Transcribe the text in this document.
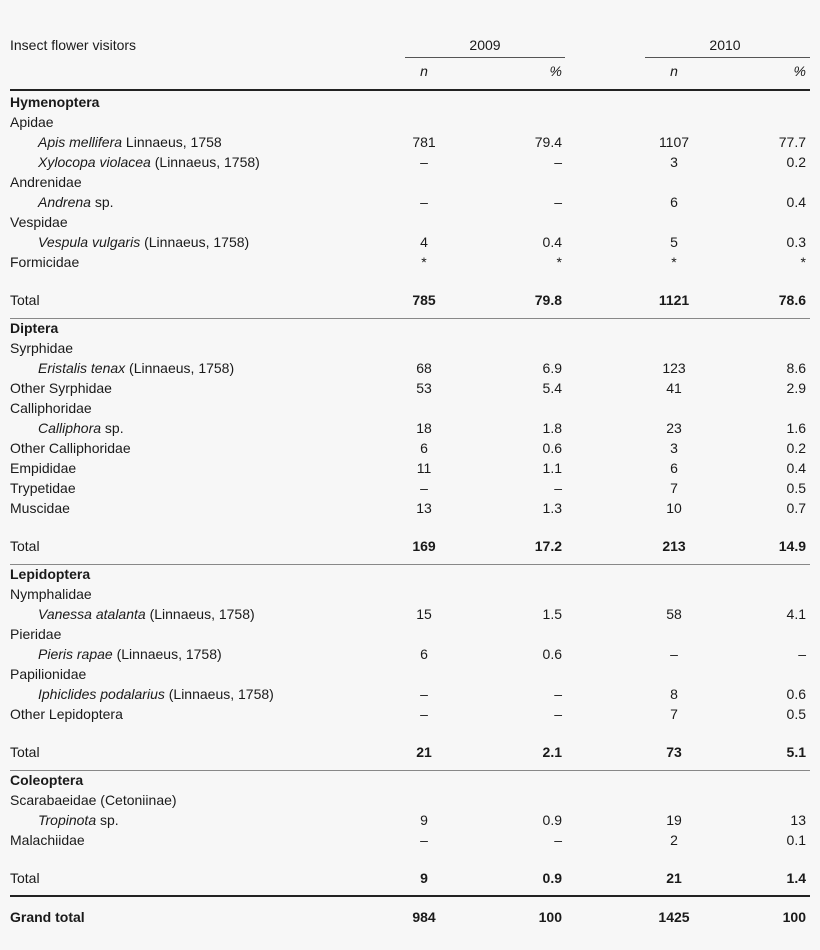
Insect flower visitors	2009	2010
n	%	n	%
Hymenoptera
Apidae
Apis mellifera Linnaeus, 1758	781	79.4	1107	77.7
Xylocopa violacea (Linnaeus, 1758)	–	–	3	0.2
Andrenidae
Andrena sp.	–	–	6	0.4
Vespidae
Vespula vulgaris (Linnaeus, 1758)	4	0.4	5	0.3
Formicidae	*	*	*	*
Total	785	79.8	1121	78.6
Diptera
Syrphidae
Eristalis tenax (Linnaeus, 1758)	68	6.9	123	8.6
Other Syrphidae	53	5.4	41	2.9
Calliphoridae
Calliphora sp.	18	1.8	23	1.6
Other Calliphoridae	6	0.6	3	0.2
Empididae	11	1.1	6	0.4
Trypetidae	–	–	7	0.5
Muscidae	13	1.3	10	0.7
Total	169	17.2	213	14.9
Lepidoptera
Nymphalidae
Vanessa atalanta (Linnaeus, 1758)	15	1.5	58	4.1
Pieridae
Pieris rapae (Linnaeus, 1758)	6	0.6	–	–
Papilionidae
Iphiclides podalarius (Linnaeus, 1758)	–	–	8	0.6
Other Lepidoptera	–	–	7	0.5
Total	21	2.1	73	5.1
Coleoptera
Scarabaeidae (Cetoniinae)
Tropinota sp.	9	0.9	19	13
Malachiidae	–	–	2	0.1
Total	9	0.9	21	1.4
Grand total	984	100	1425	100
